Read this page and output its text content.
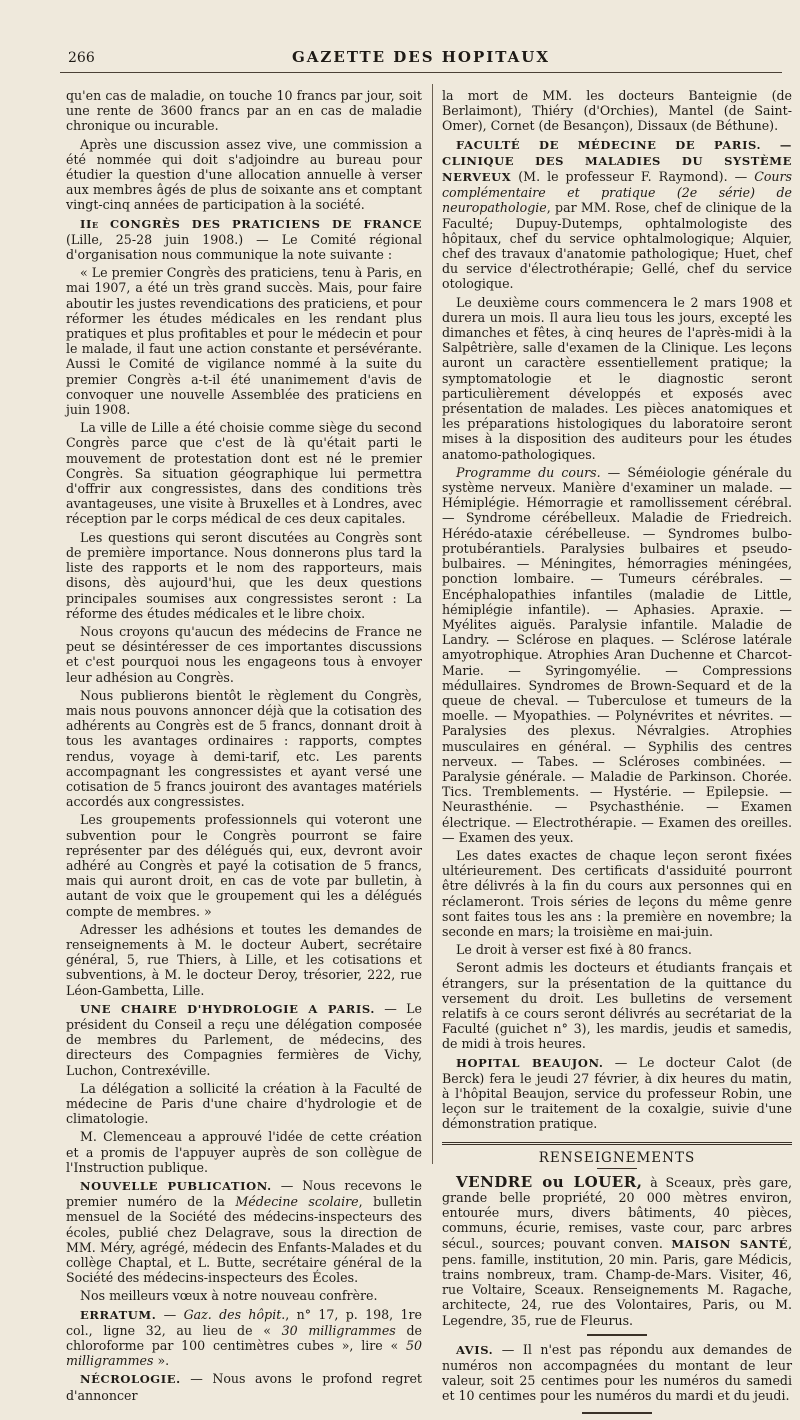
266	GAZETTE DES HOPITAUX

qu'en cas de maladie, on touche 10 francs par jour, soit une rente de 3600 francs par an en cas de maladie chronique ou incurable.

Après une discussion assez vive, une commission a été nommée qui doit s'adjoindre au bureau pour étudier la question d'une allocation annuelle à verser aux membres âgés de plus de soixante ans et comptant vingt-cinq années de participation à la société.

IIe CONGRÈS DES PRATICIENS DE FRANCE (Lille, 25-28 juin 1908.) — Le Comité régional d'organisation nous communique la note suivante :

« Le premier Congrès des praticiens, tenu à Paris, en mai 1907, a été un très grand succès. Mais, pour faire aboutir les justes revendications des praticiens, et pour réformer les études médicales en les rendant plus pratiques et plus profitables et pour le médecin et pour le malade, il faut une action constante et persévérante. Aussi le Comité de vigilance nommé à la suite du premier Congrès a-t-il été unanimement d'avis de convoquer une nouvelle Assemblée des praticiens en juin 1908.

La ville de Lille a été choisie comme siège du second Congrès parce que c'est de là qu'était parti le mouvement de protestation dont est né le premier Congrès. Sa situation géographique lui permettra d'offrir aux congressistes, dans des conditions très avantageuses, une visite à Bruxelles et à Londres, avec réception par le corps médical de ces deux capitales.

Les questions qui seront discutées au Congrès sont de première importance. Nous donnerons plus tard la liste des rapports et le nom des rapporteurs, mais disons, dès aujourd'hui, que les deux questions principales soumises aux congressistes seront : La réforme des études médicales et le libre choix.

Nous croyons qu'aucun des médecins de France ne peut se désintéresser de ces importantes discussions et c'est pourquoi nous les engageons tous à envoyer leur adhésion au Congrès.

Nous publierons bientôt le règlement du Congrès, mais nous pouvons annoncer déjà que la cotisation des adhérents au Congrès est de 5 francs, donnant droit à tous les avantages ordinaires : rapports, comptes rendus, voyage à demi-tarif, etc. Les parents accompagnant les congressistes et ayant versé une cotisation de 5 francs jouiront des avantages matériels accordés aux congressistes.

Les groupements professionnels qui voteront une subvention pour le Congrès pourront se faire représenter par des délégués qui, eux, devront avoir adhéré au Congrès et payé la cotisation de 5 francs, mais qui auront droit, en cas de vote par bulletin, à autant de voix que le groupement qui les a délégués compte de membres. »

Adresser les adhésions et toutes les demandes de renseignements à M. le docteur Aubert, secrétaire général, 5, rue Thiers, à Lille, et les cotisations et subventions, à M. le docteur Deroy, trésorier, 222, rue Léon-Gambetta, Lille.

UNE CHAIRE D'HYDROLOGIE A PARIS. — Le président du Conseil a reçu une délégation composée de membres du Parlement, de médecins, des directeurs des Compagnies fermières de Vichy, Luchon, Contrexéville.

La délégation a sollicité la création à la Faculté de médecine de Paris d'une chaire d'hydrologie et de climatologie.

M. Clemenceau a approuvé l'idée de cette création et a promis de l'appuyer auprès de son collègue de l'Instruction publique.

NOUVELLE PUBLICATION. — Nous recevons le premier numéro de la Médecine scolaire, bulletin mensuel de la Société des médecins-inspecteurs des écoles, publié chez Delagrave, sous la direction de MM. Méry, agrégé, médecin des Enfants-Malades et du collège Chaptal, et L. Butte, secrétaire général de la Société des médecins-inspecteurs des Écoles.

Nos meilleurs vœux à notre nouveau confrère.

ERRATUM. — Gaz. des hôpit., n° 17, p. 198, 1re col., ligne 32, au lieu de « 30 milligrammes de chloroforme par 100 centimètres cubes », lire « 50 milligrammes ».

NÉCROLOGIE. — Nous avons le profond regret d'annoncer

la mort de MM. les docteurs Banteignie (de Berlaimont), Thiéry (d'Orchies), Mantel (de Saint-Omer), Cornet (de Besançon), Dissaux (de Béthune).

FACULTÉ DE MÉDECINE DE PARIS. — CLINIQUE DES MALADIES DU SYSTÈME NERVEUX (M. le professeur F. Raymond). — Cours complémentaire et pratique (2e série) de neuropathologie, par MM. Rose, chef de clinique de la Faculté; Dupuy-Dutemps, ophtalmologiste des hôpitaux, chef du service ophtalmologique; Alquier, chef des travaux d'anatomie pathologique; Huet, chef du service d'électrothérapie; Gellé, chef du service otologique.

Le deuxième cours commencera le 2 mars 1908 et durera un mois. Il aura lieu tous les jours, excepté les dimanches et fêtes, à cinq heures de l'après-midi à la Salpêtrière, salle d'examen de la Clinique. Les leçons auront un caractère essentiellement pratique; la symptomatologie et le diagnostic seront particulièrement développés et exposés avec présentation de malades. Les pièces anatomiques et les préparations histologiques du laboratoire seront mises à la disposition des auditeurs pour les études anatomo-pathologiques.

Programme du cours. — Séméiologie générale du système nerveux. Manière d'examiner un malade. — Hémiplégie. Hémorragie et ramollissement cérébral. — Syndrome cérébelleux. Maladie de Friedreich. Hérédo-ataxie cérébelleuse. — Syndromes bulbo-protubérantiels. Paralysies bulbaires et pseudo-bulbaires. — Méningites, hémorragies méningées, ponction lombaire. — Tumeurs cérébrales. — Encéphalopathies infantiles (maladie de Little, hémiplégie infantile). — Aphasies. Apraxie. — Myélites aiguës. Paralysie infantile. Maladie de Landry. — Sclérose en plaques. — Sclérose latérale amyotrophique. Atrophies Aran Duchenne et Charcot-Marie. — Syringomyélie. — Compressions médullaires. Syndromes de Brown-Sequard et de la queue de cheval. — Tuberculose et tumeurs de la moelle. — Myopathies. — Polynévrites et névrites. — Paralysies des plexus. Névralgies. Atrophies musculaires en général. — Syphilis des centres nerveux. — Tabes. — Scléroses combinées. — Paralysie générale. — Maladie de Parkinson. Chorée. Tics. Tremblements. — Hystérie. — Epilepsie. — Neurasthénie. — Psychasthénie. — Examen électrique. — Electrothérapie. — Examen des oreilles. — Examen des yeux.

Les dates exactes de chaque leçon seront fixées ultérieurement. Des certificats d'assiduité pourront être délivrés à la fin du cours aux personnes qui en réclameront. Trois séries de leçons du même genre sont faites tous les ans : la première en novembre; la seconde en mars; la troisième en mai-juin.

Le droit à verser est fixé à 80 francs.

Seront admis les docteurs et étudiants français et étrangers, sur la présentation de la quittance du versement du droit. Les bulletins de versement relatifs à ce cours seront délivrés au secrétariat de la Faculté (guichet n° 3), les mardis, jeudis et samedis, de midi à trois heures.

HOPITAL BEAUJON. — Le docteur Calot (de Berck) fera le jeudi 27 février, à dix heures du matin, à l'hôpital Beaujon, service du professeur Robin, une leçon sur le traitement de la coxalgie, suivie d'une démonstration pratique.

RENSEIGNEMENTS

VENDRE ou LOUER, à Sceaux, près gare, grande belle propriété, 20 000 mètres environ, entourée murs, divers bâtiments, 40 pièces, communs, écurie, remises, vaste cour, parc arbres sécul., sources; pouvant conven. MAISON SANTÉ, pens. famille, institution, 20 min. Paris, gare Médicis, trains nombreux, tram. Champ-de-Mars. Visiter, 46, rue Voltaire, Sceaux. Renseignements M. Ragache, architecte, 24, rue des Volontaires, Paris, ou M. Legendre, 35, rue de Fleurus.

AVIS. — Il n'est pas répondu aux demandes de numéros non accompagnées du montant de leur valeur, soit 25 centimes pour les numéros du samedi et 10 centimes pour les numéros du mardi et du jeudi.
